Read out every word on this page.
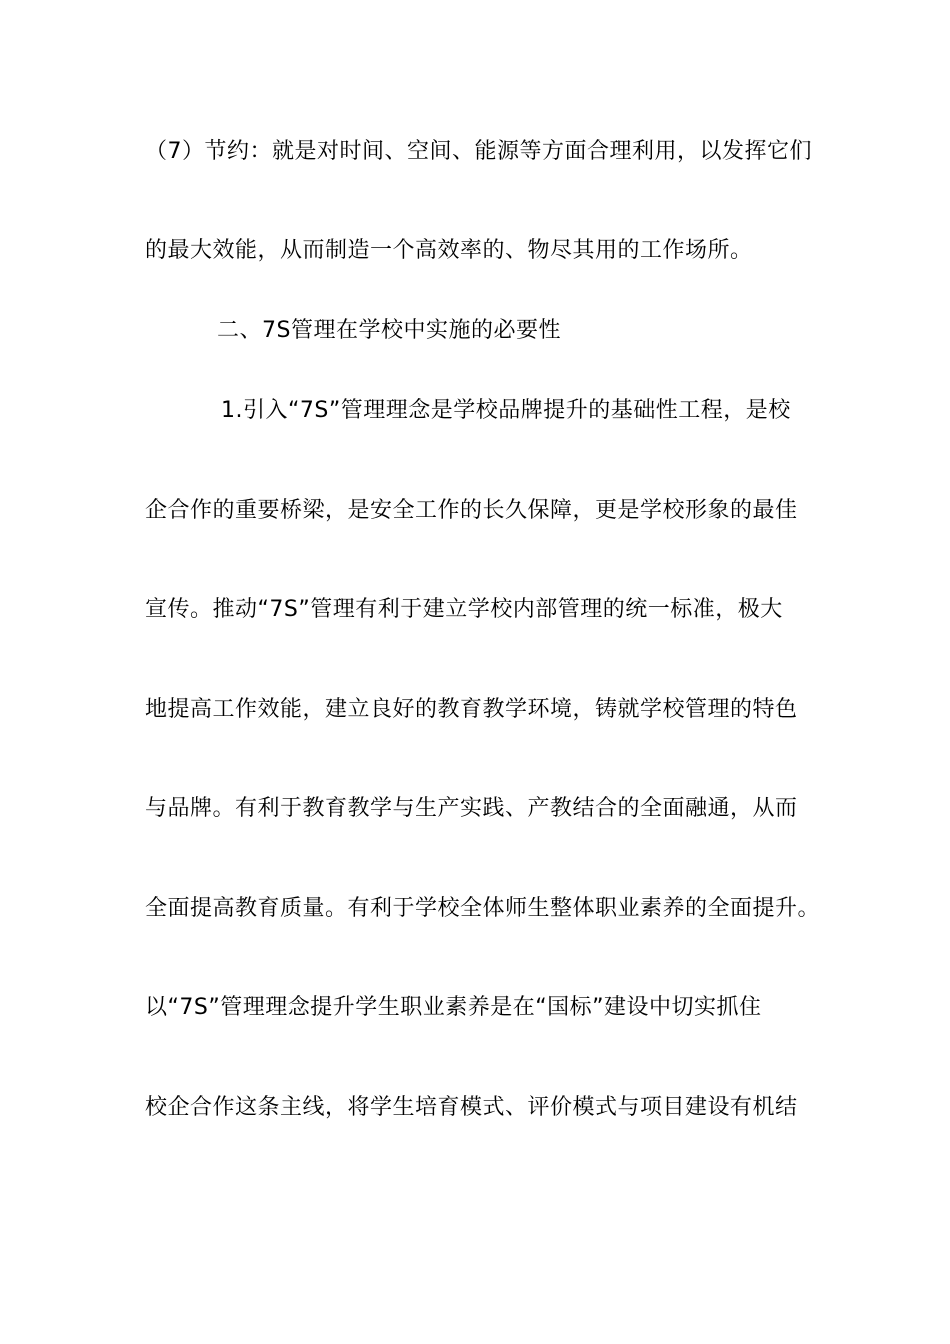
（7）节约：就是对时间、空间、能源等方面合理利用，以发挥它们
的最大效能，从而制造一个高效率的、物尽其用的工作场所。
二、7S管理在学校中实施的必要性
1.引入“7S”管理理念是学校品牌提升的基础性工程，是校
企合作的重要桥梁，是安全工作的长久保障，更是学校形象的最佳
宣传。推动“7S”管理有利于建立学校内部管理的统一标准，极大
地提高工作效能，建立良好的教育教学环境，铸就学校管理的特色
与品牌。有利于教育教学与生产实践、产教结合的全面融通，从而
全面提高教育质量。有利于学校全体师生整体职业素养的全面提升。
以“7S”管理理念提升学生职业素养是在“国标”建设中切实抓住
校企合作这条主线，将学生培育模式、评价模式与项目建设有机结
